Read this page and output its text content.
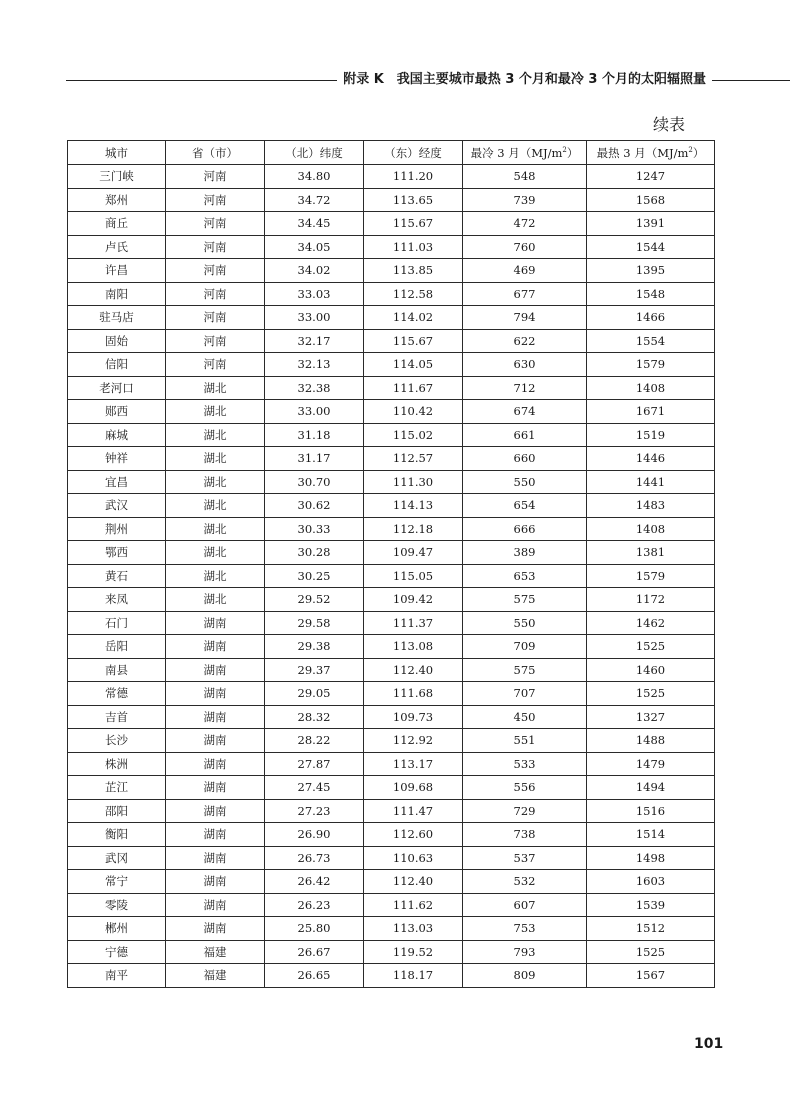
附录 K　我国主要城市最热 3 个月和最冷 3 个月的太阳辐照量
续表
城市	省（市）	（北）纬度	（东）经度	最冷 3 月$(MJ/m^2)$	最热 3 月$(MJ/m^2)$
三门峡	河南	34.80	111.20	548	1247
郑州	河南	34.72	113.65	739	1568
商丘	河南	34.45	115.67	472	1391
卢氏	河南	34.05	111.03	760	1544
许昌	河南	34.02	113.85	469	1395
南阳	河南	33.03	112.58	677	1548
驻马店	河南	33.00	114.02	794	1466
固始	河南	32.17	115.67	622	1554
信阳	河南	32.13	114.05	630	1579
老河口	湖北	32.38	111.67	712	1408
郧西	湖北	33.00	110.42	674	1671
麻城	湖北	31.18	115.02	661	1519
钟祥	湖北	31.17	112.57	660	1446
宜昌	湖北	30.70	111.30	550	1441
武汉	湖北	30.62	114.13	654	1483
荆州	湖北	30.33	112.18	666	1408
鄂西	湖北	30.28	109.47	389	1381
黄石	湖北	30.25	115.05	653	1579
来凤	湖北	29.52	109.42	575	1172
石门	湖南	29.58	111.37	550	1462
岳阳	湖南	29.38	113.08	709	1525
南县	湖南	29.37	112.40	575	1460
常德	湖南	29.05	111.68	707	1525
吉首	湖南	28.32	109.73	450	1327
长沙	湖南	28.22	112.92	551	1488
株洲	湖南	27.87	113.17	533	1479
芷江	湖南	27.45	109.68	556	1494
邵阳	湖南	27.23	111.47	729	1516
衡阳	湖南	26.90	112.60	738	1514
武冈	湖南	26.73	110.63	537	1498
常宁	湖南	26.42	112.40	532	1603
零陵	湖南	26.23	111.62	607	1539
郴州	湖南	25.80	113.03	753	1512
宁德	福建	26.67	119.52	793	1525
南平	福建	26.65	118.17	809	1567
101
